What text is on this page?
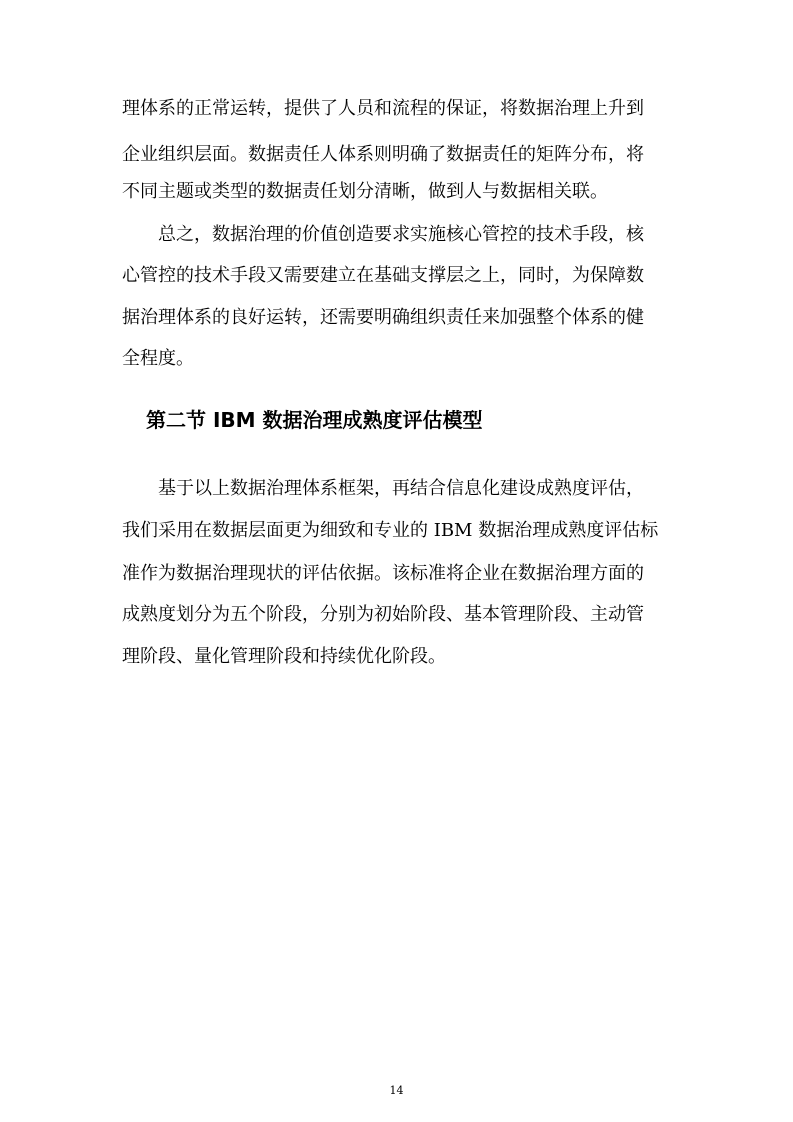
理体系的正常运转，提供了人员和流程的保证，将数据治理上升到
企业组织层面。数据责任人体系则明确了数据责任的矩阵分布，将
不同主题或类型的数据责任划分清晰，做到人与数据相关联。
总之，数据治理的价值创造要求实施核心管控的技术手段，核
心管控的技术手段又需要建立在基础支撑层之上，同时，为保障数
据治理体系的良好运转，还需要明确组织责任来加强整个体系的健
全程度。
第二节 IBM 数据治理成熟度评估模型
基于以上数据治理体系框架，再结合信息化建设成熟度评估，
我们采用在数据层面更为细致和专业的 IBM 数据治理成熟度评估标
准作为数据治理现状的评估依据。该标准将企业在数据治理方面的
成熟度划分为五个阶段，分别为初始阶段、基本管理阶段、主动管
理阶段、量化管理阶段和持续优化阶段。
14
